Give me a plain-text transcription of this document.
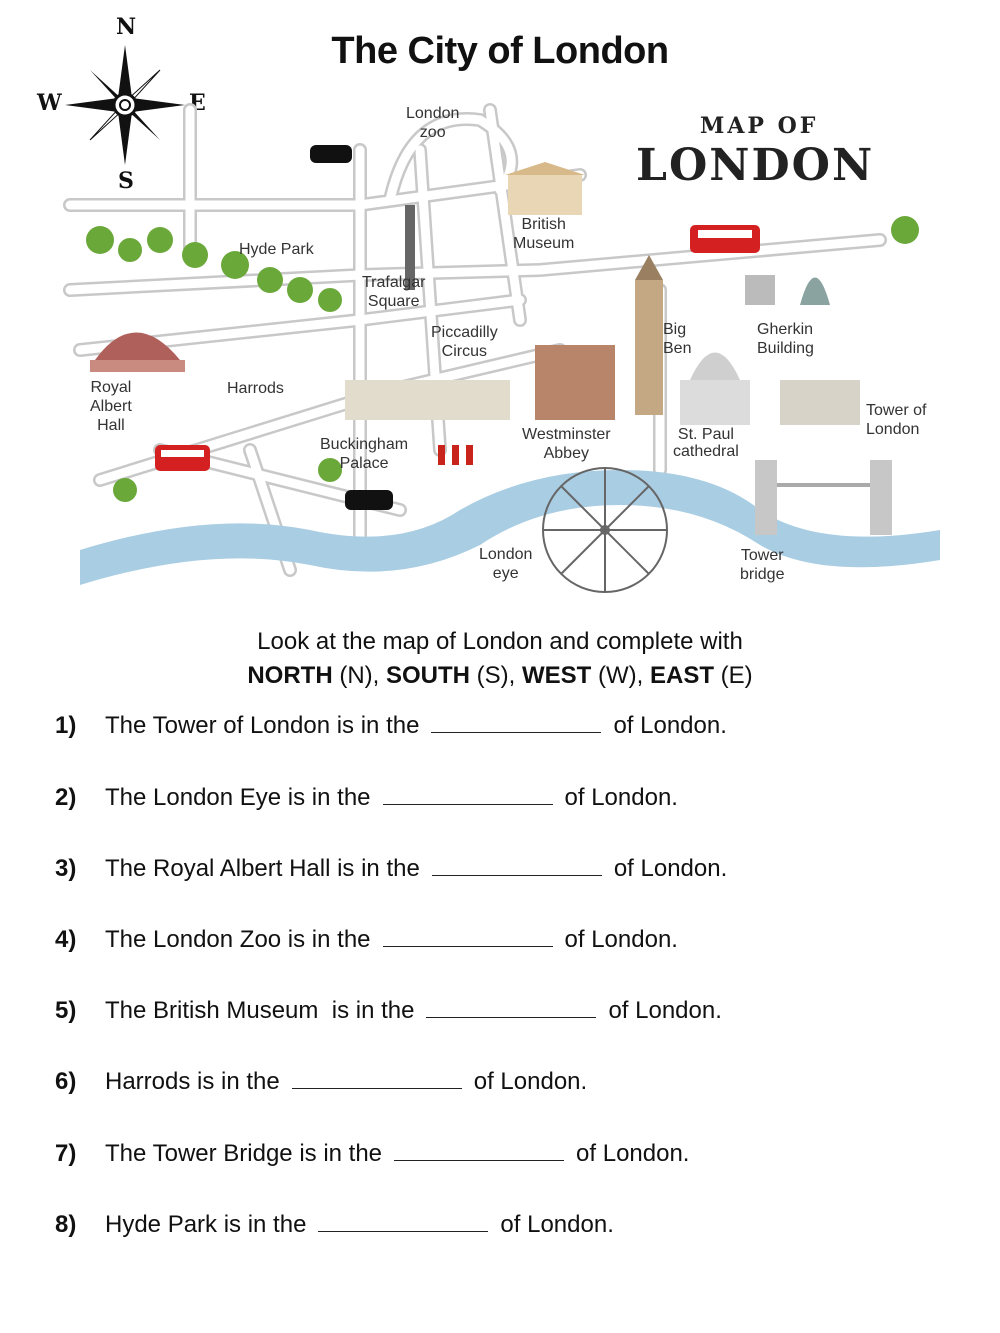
The City of London
N
S
W	E
MAP OF
LONDON
London
zoo
British
Museum
Hyde Park
Trafalgar
Square
Piccadilly
Circus
Big
Ben
Gherkin
Building
Royal
Albert
Hall
Harrods
Buckingham
Palace
Westminster
Abbey
St. Paul
cathedral
Tower of
London
London
eye
Tower
bridge
Look at the map of London and complete with
NORTH (N), SOUTH (S), WEST (W), EAST (E)
1) The Tower of London is in the	of London.
2) The London Eye is in the	of London.
3) The Royal Albert Hall is in the	of London.
4) The London Zoo is in the	of London.
5) The British Museum  is in the	of London.
6) Harrods is in the	of London.
7) The Tower Bridge is in the	of London.
8) Hyde Park is in the	of London.
